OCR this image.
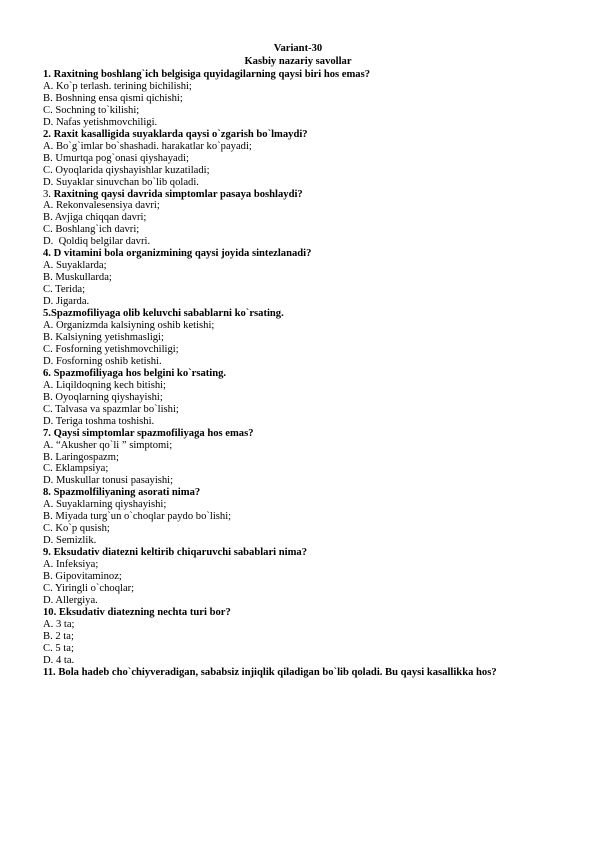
Variant-30
Kasbiy nazariy savollar
1. Raxitning boshlang`ich belgisiga quyidagilarning qaysi biri hos emas?
A. Ko`p terlash. terining bichilishi;
B. Boshning ensa qismi qichishi;
C. Sochning to`kilishi;
D. Nafas yetishmovchiligi.
2. Raxit kasalligida suyaklarda qaysi o`zgarish bo`lmaydi?
A. Bo`g`imlar bo`shashadi. harakatlar ko`payadi;
B. Umurtqa pog`onasi qiyshayadi;
C. Oyoqlarida qiyshayishlar kuzatiladi;
D. Suyaklar sinuvchan bo`lib qoladi.
3. Raxitning qaysi davrida simptomlar pasaya boshlaydi?
A. Rekonvalesensiya davri;
B. Avjiga chiqqan davri;
C. Boshlang`ich davri;
D.  Qoldiq belgilar davri.
4. D vitamini bola organizmining qaysi joyida sintezlanadi?
A. Suyaklarda;
B. Muskullarda;
C. Terida;
D. Jigarda.
5.Spazmofiliyaga olib keluvchi sabablarni ko`rsating.
A. Organizmda kalsiyning oshib ketishi;
B. Kalsiyning yetishmasligi;
C. Fosforning yetishmovchiligi;
D. Fosforning oshib ketishi.
6. Spazmofiliyaga hos belgini ko`rsating.
A. Liqildoqning kech bitishi;
B. Oyoqlarning qiyshayishi;
C. Talvasa va spazmlar bo`lishi;
D. Teriga toshma toshishi.
7. Qaysi simptomlar spazmofiliyaga hos emas?
A. “Akusher qo`li ” simptomi;
B. Laringospazm;
C. Eklampsiya;
D. Muskullar tonusi pasayishi;
8. Spazmolfiliyaning asorati nima?
A. Suyaklarning qiyshayishi;
B. Miyada turg`un o`choqlar paydo bo`lishi;
C. Ko`p qusish;
D. Semizlik.
9. Eksudativ diatezni keltirib chiqaruvchi sabablari nima?
A. Infeksiya;
B. Gipovitaminoz;
C. Yiringli o`choqlar;
D. Allergiya.
10. Eksudativ diatezning nechta turi bor?
A. 3 ta;
B. 2 ta;
C. 5 ta;
D. 4 ta.
11. Bola hadeb cho`chiyveradigan, sababsiz injiqlik qiladigan bo`lib qoladi. Bu qaysi kasallikka hos?
